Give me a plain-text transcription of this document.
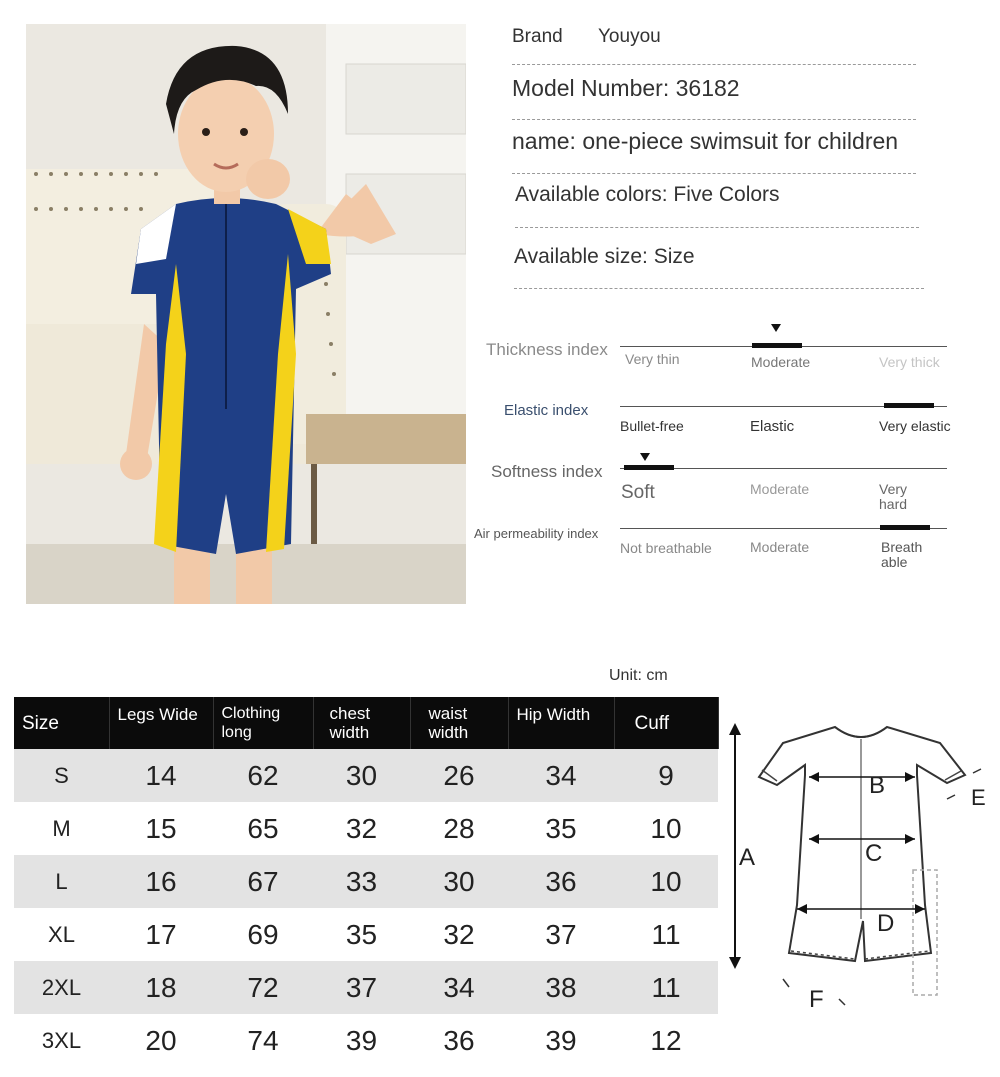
Brand Youyou
Model Number: 36182
name: one-piece swimsuit for children
Available colors: Five Colors
Available size: Size
Thickness index Very thin	Moderate	Very thick
Elastic index
Bullet-free	Elastic	Very elastic
Softness index
Soft	Moderate	Very hard
Air permeability index
Not breathable	Moderate	Breath able
Unit: cm
Size	Legs Wide	Clothing long	chest width	waist width	Hip Width	Cuff
S	14	62	30	26	34	9
M	15	65	32	28	35	10
L	16	67	33	30	36	10
XL	17	69	35	32	37	11
2XL	18	72	37	34	38	11
3XL	20	74	39	36	39	12
A
B
C
D
E
F
